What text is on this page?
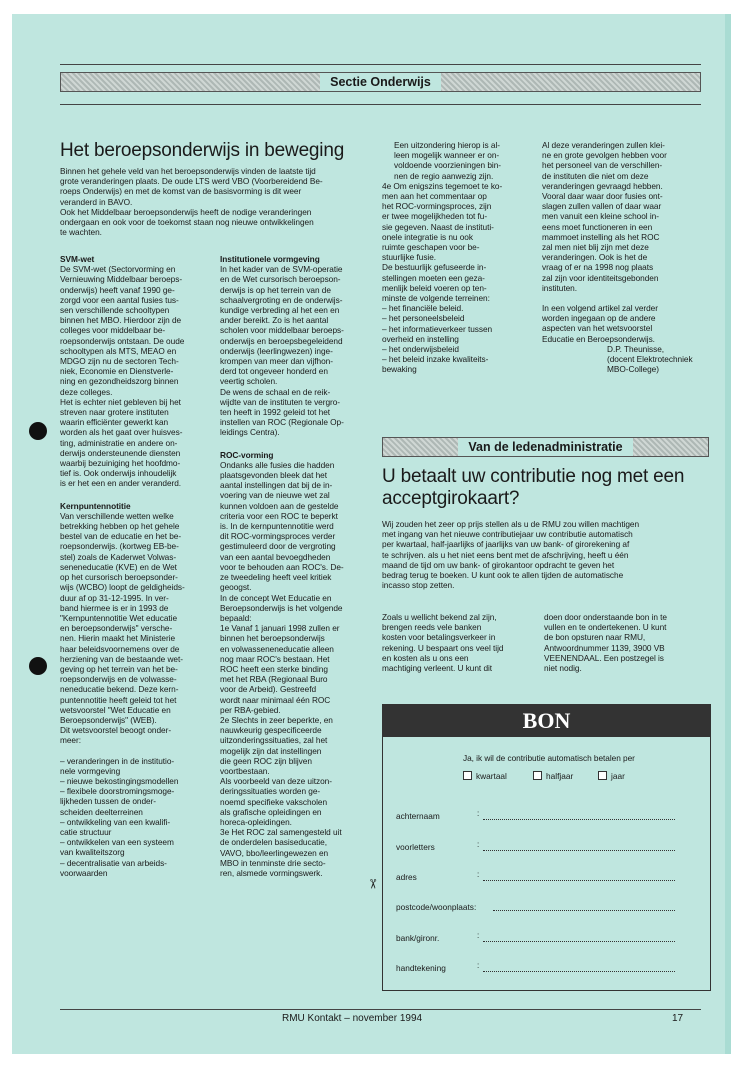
Sectie Onderwijs
Het beroepsonderwijs in beweging
Binnen het gehele veld van het beroepsonderwijs vinden de laatste tijd
grote veranderingen plaats. De oude LTS werd VBO (Voorbereidend Be-
roeps Onderwijs) en met de komst van de basisvorming is dit weer
veranderd in BAVO.
Ook het Middelbaar beroepsonderwijs heeft de nodige veranderingen
ondergaan en ook voor de toekomst staan nog nieuwe ontwikkelingen
te wachten.
SVM-wet
De SVM-wet (Sectorvorming en
Vernieuwing Middelbaar beroeps-
onderwijs) heeft vanaf 1990 ge-
zorgd voor een aantal fusies tus-
sen verschillende schooltypen
binnen het MBO. Hierdoor zijn de
colleges voor middelbaar be-
roepsonderwijs ontstaan. De oude
schooltypen als MTS, MEAO en
MDGO zijn nu de sectoren Tech-
niek, Economie en Dienstverle-
ning en gezondheidszorg binnen
deze colleges.
Het is echter niet gebleven bij het
streven naar grotere instituten
waarin efficiënter gewerkt kan
worden als het gaat over huisves-
ting, administratie en andere on-
derwijs ondersteunende diensten
waarbij bezuiniging het hoofdmo-
tief is. Ook onderwijs inhoudelijk
is er het een en ander veranderd.
Kernpuntennotitie
Van verschillende wetten welke
betrekking hebben op het gehele
bestel van de educatie en het be-
roepsonderwijs. (kortweg EB-be-
stel) zoals de Kaderwet Volwas-
seneneducatie (KVE) en de Wet
op het cursorisch beroepsonder-
wijs (WCBO) loopt de geldigheids-
duur af op 31-12-1995. In ver-
band hiermee is er in 1993 de
"Kernpuntennotitie Wet educatie
en beroepsonderwijs" versche-
nen. Hierin maakt het Ministerie
haar beleidsvoornemens over de
herziening van de bestaande wet-
geving op het terrein van het be-
roepsonderwijs en de volwasse-
neneducatie bekend. Deze kern-
puntennotitie heeft geleid tot het
wetsvoorstel "Wet Educatie en
Beroepsonderwijs" (WEB).
Dit wetsvoorstel beoogt onder-
meer:
– veranderingen in de institutio-
nele vormgeving
– nieuwe bekostingingsmodellen
– flexibele doorstromingsmoge-
lijkheden tussen de onder-
scheiden deelterreinen
– ontwikkeling van een kwalifi-
catie structuur
– ontwikkelen van een systeem
van kwaliteitszorg
– decentralisatie van arbeids-
voorwaarden
Institutionele vormgeving
In het kader van de SVM-operatie
en de Wet cursorisch beroepson-
derwijs is op het terrein van de
schaalvergroting en de onderwijs-
kundige verbreding al het een en
ander bereikt. Zo is het aantal
scholen voor middelbaar beroeps-
onderwijs en beroepsbegeleidend
onderwijs (leerlingwezen) inge-
krompen van meer dan vijfhon-
derd tot ongeveer honderd en
veertig scholen.
De wens de schaal en de reik-
wijdte van de instituten te vergro-
ten heeft in 1992 geleid tot het
instellen van ROC (Regionale Op-
leidings Centra).
ROC-vorming
Ondanks alle fusies die hadden
plaatsgevonden bleek dat het
aantal instellingen dat bij de in-
voering van de nieuwe wet zal
kunnen voldoen aan de gestelde
criteria voor een ROC te beperkt
is. In de kernpuntennotitie werd
dit ROC-vormingsproces verder
gestimuleerd door de vergroting
van een aantal bevoegdheden
voor te behouden aan ROC's. De-
ze tweedeling heeft veel kritiek
geoogst.
In de concept Wet Educatie en
Beroepsonderwijs is het volgende
bepaald:
1e Vanaf 1 januari 1998 zullen er
binnen het beroepsonderwijs
en volwasseneneducatie alleen
nog maar ROC's bestaan. Het
ROC heeft een sterke binding
met het RBA (Regionaal Buro
voor de Arbeid). Gestreefd
wordt naar minimaal één ROC
per RBA-gebied.
2e Slechts in zeer beperkte, en
nauwkeurig gespecificeerde
uitzonderingssituaties, zal het
mogelijk zijn dat instellingen
die geen ROC zijn blijven
voortbestaan.
Als voorbeeld van deze uitzon-
deringssituaties worden ge-
noemd specifieke vakscholen
als grafische opleidingen en
horeca-opleidingen.
3e Het ROC zal samengesteld uit
de onderdelen basiseducatie,
VAVO, bbo/leerlingewezen en
MBO in tenminste drie secto-
ren, alsmede vormingswerk.
Een uitzondering hierop is al-
leen mogelijk wanneer er on-
voldoende voorzieningen bin-
nen de regio aanwezig zijn.
4e Om enigszins tegemoet te ko-
men aan het commentaar op
het ROC-vormingsproces, zijn
er twee mogelijkheden tot fu-
sie gegeven. Naast de instituti-
onele integratie is nu ook
ruimte geschapen voor be-
stuurlijke fusie.
De bestuurlijk gefuseerde in-
stellingen moeten een geza-
menlijk beleid voeren op ten-
minste de volgende terreinen:
– het financiële beleid.
– het personeelsbeleid
– het informatieverkeer tussen
overheid en instelling
– het onderwijsbeleid
– het beleid inzake kwaliteits-
bewaking
Al deze veranderingen zullen klei-
ne en grote gevolgen hebben voor
het personeel van de verschillen-
de instituten die niet om deze
veranderingen gevraagd hebben.
Vooral daar waar door fusies ont-
slagen zullen vallen of daar waar
men vanuit een kleine school in-
eens moet functioneren in een
mammoet instelling als het ROC
zal men niet blij zijn met deze
veranderingen. Ook is het de
vraag of er na 1998 nog plaats
zal zijn voor identiteitsgebonden
instituten.
In een volgend artikel zal verder
worden ingegaan op de andere
aspecten van het wetsvoorstel
Educatie en Beroepsonderwijs.
D.P. Theunisse,
(docent Elektrotechniek
MBO-College)
Van de ledenadministratie
U betaalt uw contributie nog met een
acceptgirokaart?
Wij zouden het zeer op prijs stellen als u de RMU zou willen machtigen
met ingang van het nieuwe contributiejaar uw contributie automatisch
per kwartaal, half-jaarlijks of jaarlijks van uw bank- of girorekening af
te schrijven. als u het niet eens bent met de afschrijving, heeft u één
maand de tijd om uw bank- of girokantoor opdracht te geven het
bedrag terug te boeken. U kunt ook te allen tijden de automatische
incasso stop zetten.
Zoals u wellicht bekend zal zijn,
brengen reeds vele banken
kosten voor betalingsverkeer in
rekening. U bespaart ons veel tijd
en kosten als u ons een
machtiging verleent. U kunt dit
doen door onderstaande bon in te
vullen en te ondertekenen. U kunt
de bon opsturen naar RMU,
Antwoordnummer 1139, 3900 VB
VEENENDAAL. Een postzegel is
niet nodig.
BON
Ja, ik wil de contributie automatisch betalen per
kwartaal	halfjaar	jaar
achternaam	:
voorletters	:
adres	:
postcode/woonplaats:
bank/gironr.	:
handtekening	:
✂
RMU Kontakt – november 1994	17
